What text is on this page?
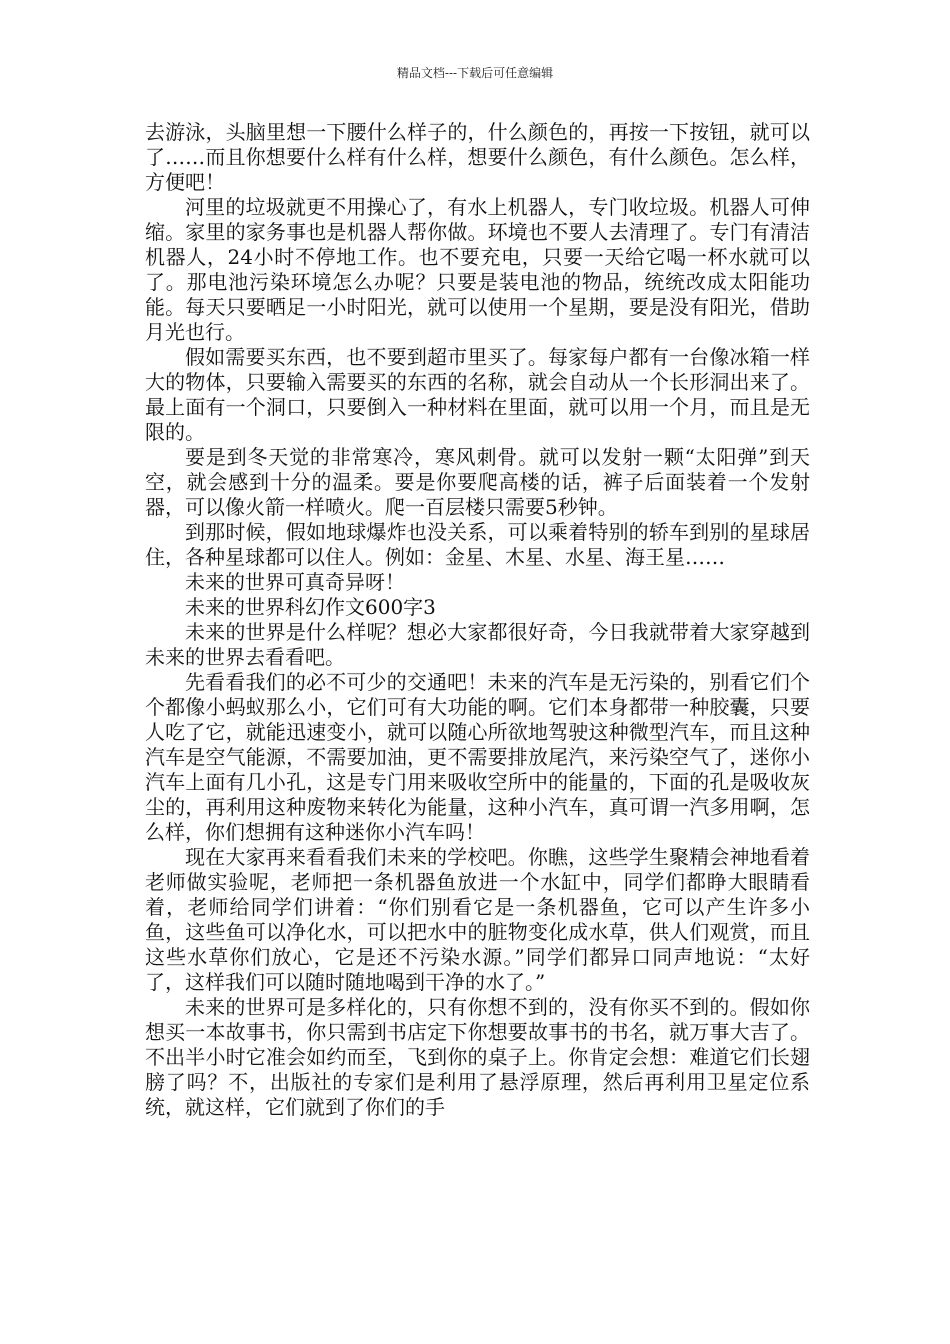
精品文档---下载后可任意编辑

去游泳，头脑里想一下腰什么样子的，什么颜色的，再按一下按钮，就可以了……而且你想要什么样有什么样，想要什么颜色，有什么颜色。怎么样，方便吧！

河里的垃圾就更不用操心了，有水上机器人，专门收垃圾。机器人可伸缩。家里的家务事也是机器人帮你做。环境也不要人去清理了。专门有清洁机器人，24小时不停地工作。也不要充电，只要一天给它喝一杯水就可以了。那电池污染环境怎么办呢？只要是装电池的物品，统统改成太阳能功能。每天只要晒足一小时阳光，就可以使用一个星期，要是没有阳光，借助月光也行。

假如需要买东西，也不要到超市里买了。每家每户都有一台像冰箱一样大的物体，只要输入需要买的东西的名称，就会自动从一个长形洞出来了。最上面有一个洞口，只要倒入一种材料在里面，就可以用一个月，而且是无限的。

要是到冬天觉的非常寒冷，寒风刺骨。就可以发射一颗“太阳弹”到天空，就会感到十分的温柔。要是你要爬高楼的话，裤子后面装着一个发射器，可以像火箭一样喷火。爬一百层楼只需要5秒钟。

到那时候，假如地球爆炸也没关系，可以乘着特别的轿车到别的星球居住，各种星球都可以住人。例如：金星、木星、水星、海王星……

未来的世界可真奇异呀！

未来的世界科幻作文600字3

未来的世界是什么样呢？想必大家都很好奇，今日我就带着大家穿越到未来的世界去看看吧。

先看看我们的必不可少的交通吧！未来的汽车是无污染的，别看它们个个都像小蚂蚁那么小，它们可有大功能的啊。它们本身都带一种胶囊，只要人吃了它，就能迅速变小，就可以随心所欲地驾驶这种微型汽车，而且这种汽车是空气能源，不需要加油，更不需要排放尾汽，来污染空气了，迷你小汽车上面有几小孔，这是专门用来吸收空所中的能量的，下面的孔是吸收灰尘的，再利用这种废物来转化为能量，这种小汽车，真可谓一汽多用啊，怎么样，你们想拥有这种迷你小汽车吗！

现在大家再来看看我们未来的学校吧。你瞧，这些学生聚精会神地看着老师做实验呢，老师把一条机器鱼放进一个水缸中，同学们都睁大眼睛看着，老师给同学们讲着：“你们别看它是一条机器鱼，它可以产生许多小鱼，这些鱼可以净化水，可以把水中的脏物变化成水草，供人们观赏，而且这些水草你们放心，它是还不污染水源。”同学们都异口同声地说：“太好了，这样我们可以随时随地喝到干净的水了。”

未来的世界可是多样化的，只有你想不到的，没有你买不到的。假如你想买一本故事书，你只需到书店定下你想要故事书的书名，就万事大吉了。不出半小时它准会如约而至，飞到你的桌子上。你肯定会想：难道它们长翅膀了吗？不，出版社的专家们是利用了悬浮原理，然后再利用卫星定位系统，就这样，它们就到了你们的手
